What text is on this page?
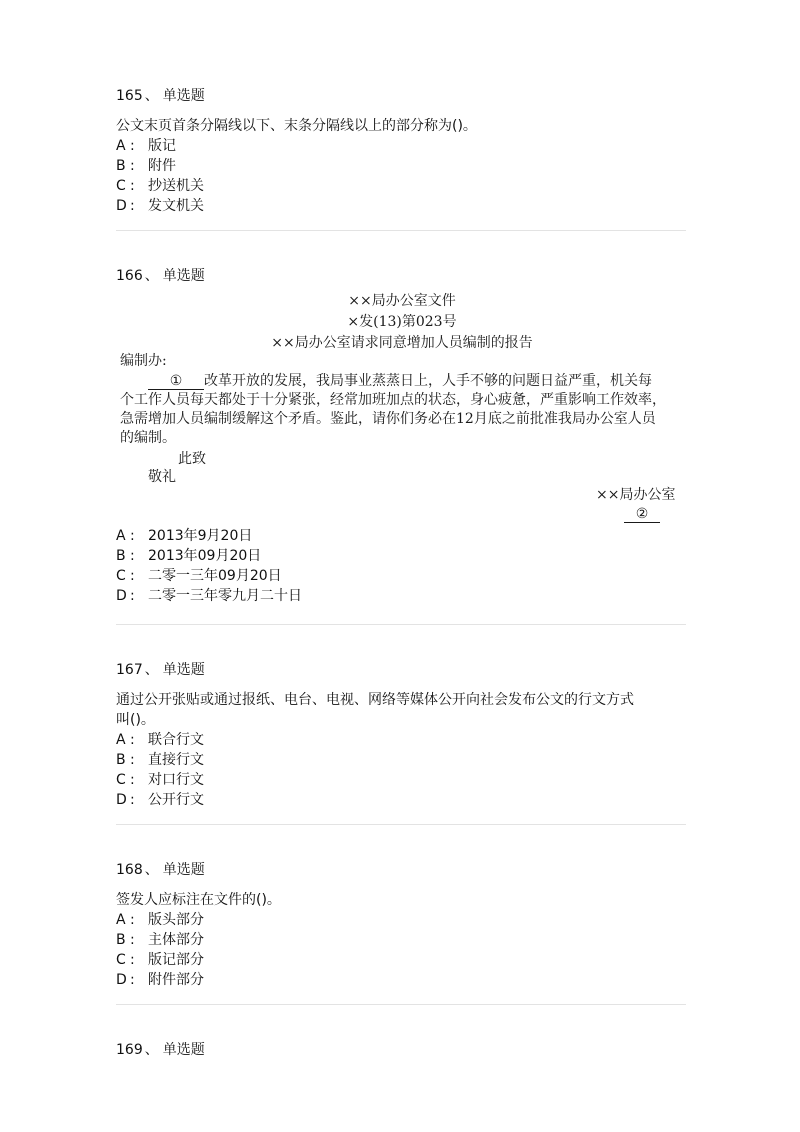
165 、 单选题
公文末页首条分隔线以下、末条分隔线以上的部分称为()。
A : 版记
B : 附件
C : 抄送机关
D : 发文机关
166 、 单选题
××局办公室文件
×发(13)第023号
××局办公室请求同意增加人员编制的报告
编制办:
① 改革开放的发展，我局事业蒸蒸日上，人手不够的问题日益严重，机关每
个工作人员每天都处于十分紧张，经常加班加点的状态，身心疲惫，严重影响工作效率，
急需增加人员编制缓解这个矛盾。鉴此，请你们务必在12月底之前批准我局办公室人员
的编制。
此致
敬礼
××局办公室
②
A : 2013年9月20日
B : 2013年09月20日
C : 二零一三年09月20日
D : 二零一三年零九月二十日
167 、 单选题
通过公开张贴或通过报纸、电台、电视、网络等媒体公开向社会发布公文的行文方式
叫()。
A : 联合行文
B : 直接行文
C : 对口行文
D : 公开行文
168 、 单选题
签发人应标注在文件的()。
A : 版头部分
B : 主体部分
C : 版记部分
D : 附件部分
169 、 单选题
